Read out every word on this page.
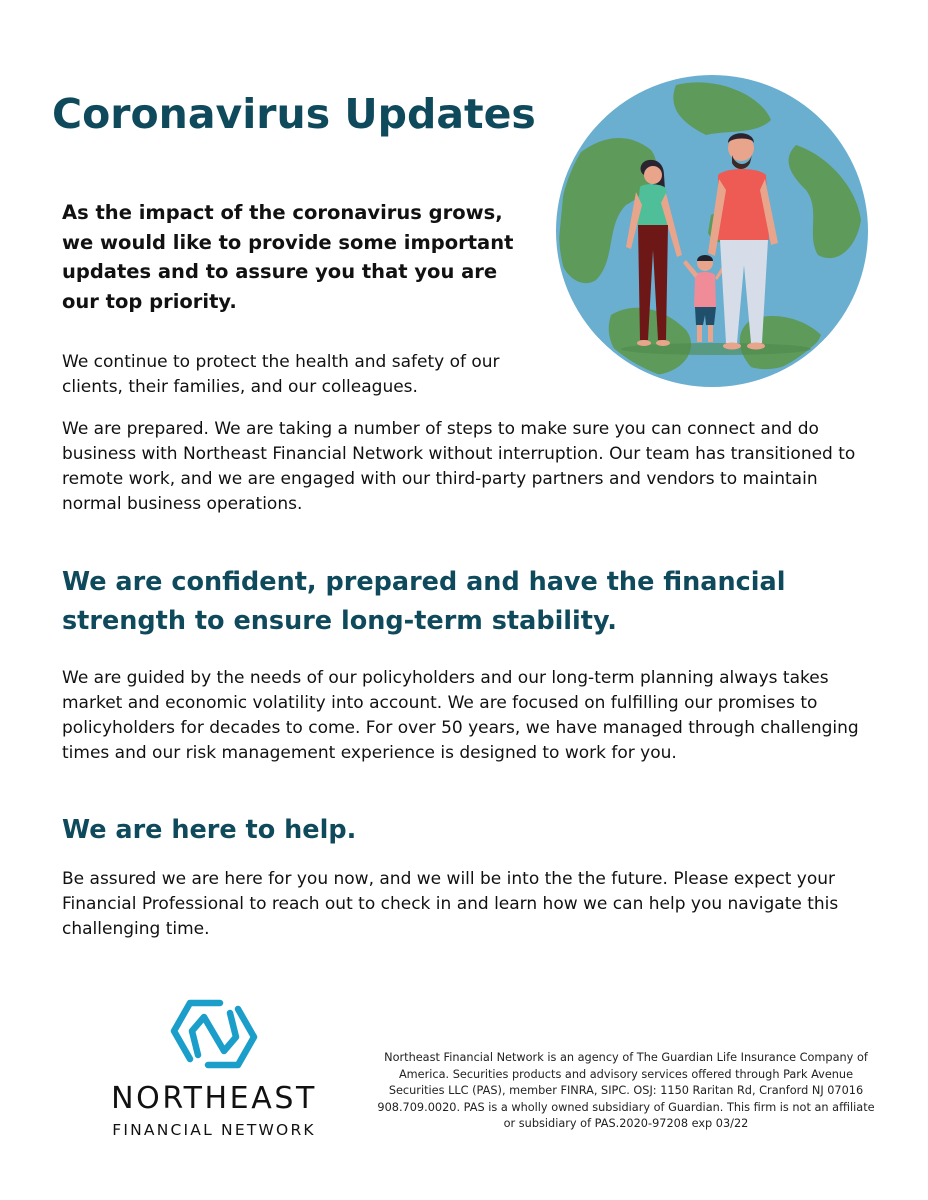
Coronavirus Updates

As the impact of the coronavirus grows, we would like to provide some important updates and to assure you that you are our top priority.

We continue to protect the health and safety of our clients, their families, and our colleagues.

We are prepared. We are taking a number of steps to make sure you can connect and do business with Northeast Financial Network without interruption. Our team has transitioned to remote work, and we are engaged with our third-party partners and vendors to maintain normal business operations.

We are confident, prepared and have the financial strength to ensure long-term stability.

We are guided by the needs of our policyholders and our long-term planning always takes market and economic volatility into account. We are focused on fulfilling our promises to policyholders for decades to come. For over 50 years, we have managed through challenging times and our risk management experience is designed to work for you.

We are here to help.

Be assured we are here for you now, and we will be into the the future. Please expect your Financial Professional to reach out to check in and learn how we can help you navigate this challenging time.

NORTHEAST
FINANCIAL NETWORK

Northeast Financial Network is an agency of The Guardian Life Insurance Company of America. Securities products and advisory services offered through Park Avenue Securities LLC (PAS), member FINRA, SIPC. OSJ: 1150 Raritan Rd, Cranford NJ 07016 908.709.0020. PAS is a wholly owned subsidiary of Guardian. This firm is not an affiliate or subsidiary of PAS.2020-97208 exp 03/22
